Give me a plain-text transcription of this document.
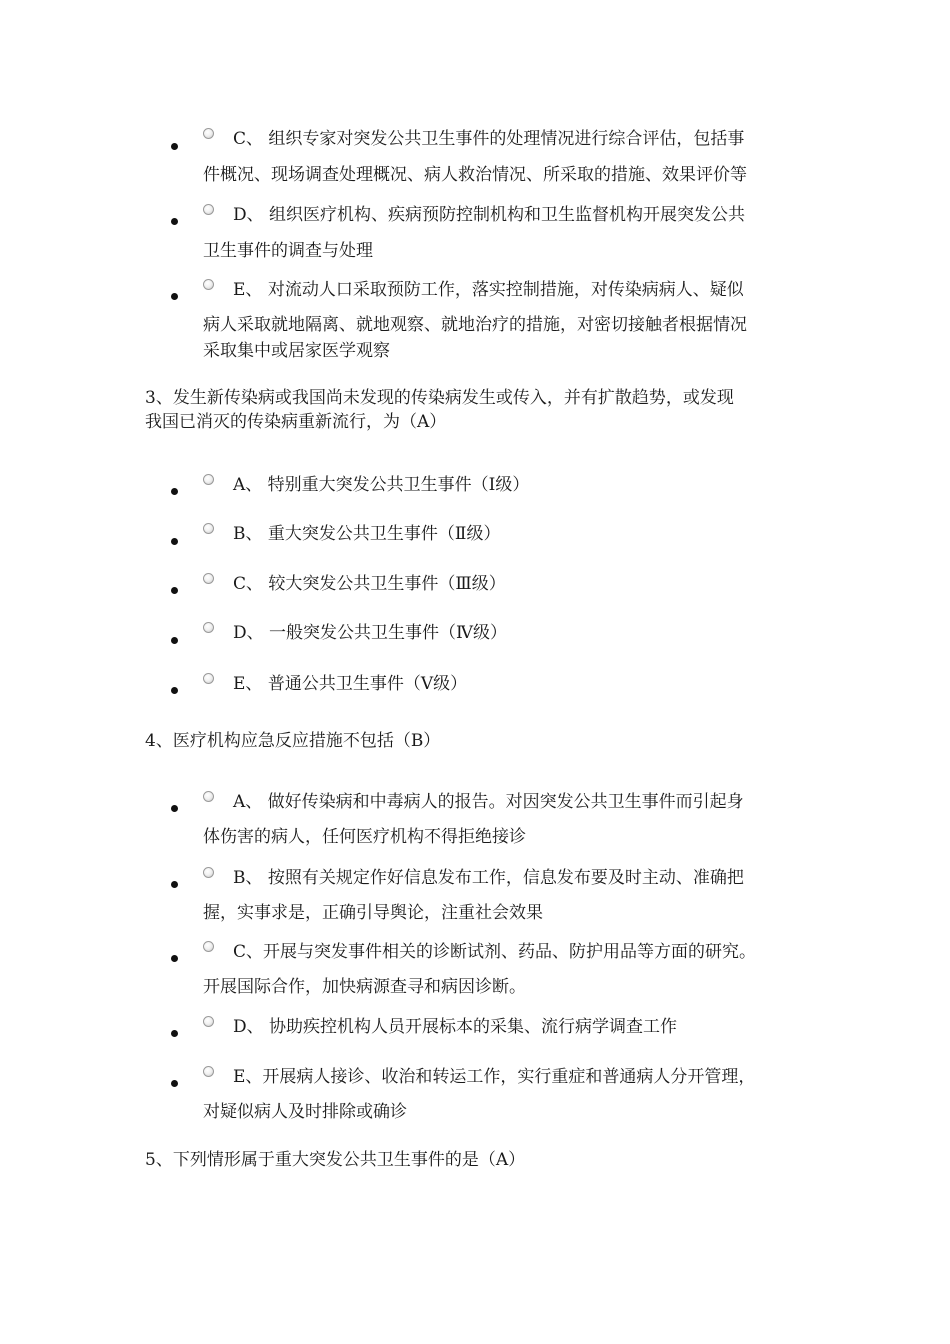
C、 组织专家对突发公共卫生事件的处理情况进行综合评估，包括事
件概况、现场调查处理概况、病人救治情况、所采取的措施、效果评价等
D、 组织医疗机构、疾病预防控制机构和卫生监督机构开展突发公共
卫生事件的调查与处理
E、 对流动人口采取预防工作，落实控制措施，对传染病病人、疑似
病人采取就地隔离、就地观察、就地治疗的措施，对密切接触者根据情况
采取集中或居家医学观察
3、发生新传染病或我国尚未发现的传染病发生或传入，并有扩散趋势，或发现
我国已消灭的传染病重新流行，为（A）
A、 特别重大突发公共卫生事件（Ⅰ级）
B、 重大突发公共卫生事件（Ⅱ级）
C、 较大突发公共卫生事件（Ⅲ级）
D、 一般突发公共卫生事件（Ⅳ级）
E、 普通公共卫生事件（Ⅴ级）
4、医疗机构应急反应措施不包括（B）
A、 做好传染病和中毒病人的报告。对因突发公共卫生事件而引起身
体伤害的病人，任何医疗机构不得拒绝接诊
B、 按照有关规定作好信息发布工作，信息发布要及时主动、准确把
握，实事求是，正确引导舆论，注重社会效果
C、开展与突发事件相关的诊断试剂、药品、防护用品等方面的研究。
开展国际合作，加快病源查寻和病因诊断。
D、 协助疾控机构人员开展标本的采集、流行病学调查工作
E、开展病人接诊、收治和转运工作，实行重症和普通病人分开管理，
对疑似病人及时排除或确诊
5、下列情形属于重大突发公共卫生事件的是（A）
